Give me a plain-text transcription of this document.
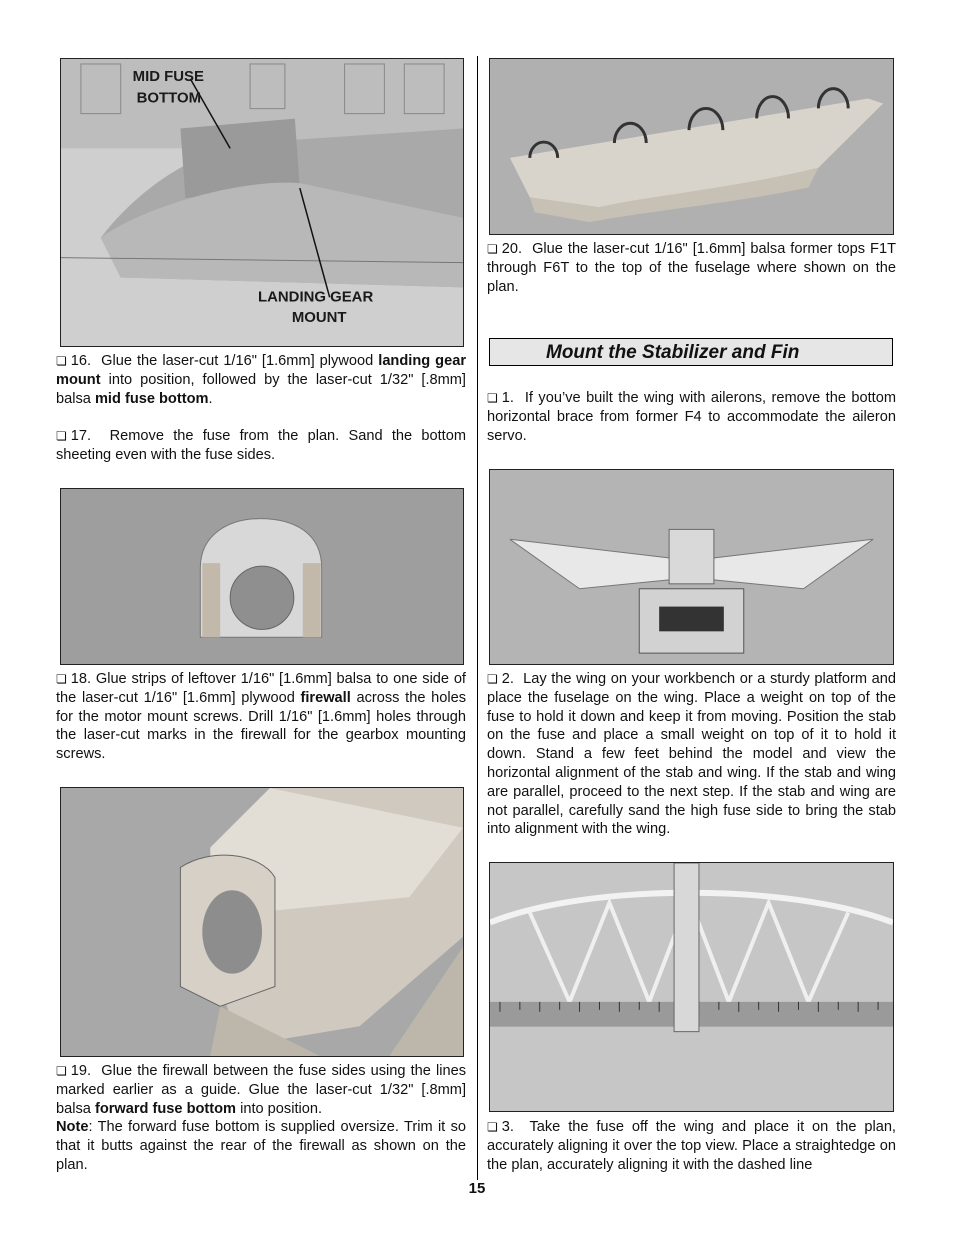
MID FUSE
BOTTOM
LANDING GEAR
MOUNT

❏ 16. Glue the laser-cut 1/16" [1.6mm] plywood landing gear mount into position, followed by the laser-cut 1/32" [.8mm] balsa mid fuse bottom.

❏ 17. Remove the fuse from the plan. Sand the bottom sheeting even with the fuse sides.

❏ 18. Glue strips of leftover 1/16" [1.6mm] balsa to one side of the laser-cut 1/16" [1.6mm] plywood firewall across the holes for the motor mount screws. Drill 1/16" [1.6mm] holes through the laser-cut marks in the firewall for the gearbox mounting screws.

❏ 19. Glue the firewall between the fuse sides using the lines marked earlier as a guide. Glue the laser-cut 1/32" [.8mm] balsa forward fuse bottom into position.
Note: The forward fuse bottom is supplied oversize. Trim it so that it butts against the rear of the firewall as shown on the plan.

❏ 20. Glue the laser-cut 1/16" [1.6mm] balsa former tops F1T through F6T to the top of the fuselage where shown on the plan.

Mount the Stabilizer and Fin

❏ 1. If you’ve built the wing with ailerons, remove the bottom horizontal brace from former F4 to accommodate the aileron servo.

❏ 2. Lay the wing on your workbench or a sturdy platform and place the fuselage on the wing. Place a weight on top of the fuse to hold it down and keep it from moving. Position the stab on the fuse and place a small weight on top of it to hold it down. Stand a few feet behind the model and view the horizontal alignment of the stab and wing. If the stab and wing are parallel, proceed to the next step. If the stab and wing are not parallel, carefully sand the high fuse side to bring the stab into alignment with the wing.

❏ 3. Take the fuse off the wing and place it on the plan, accurately aligning it over the top view. Place a straightedge on the plan, accurately aligning it with the dashed line

15
